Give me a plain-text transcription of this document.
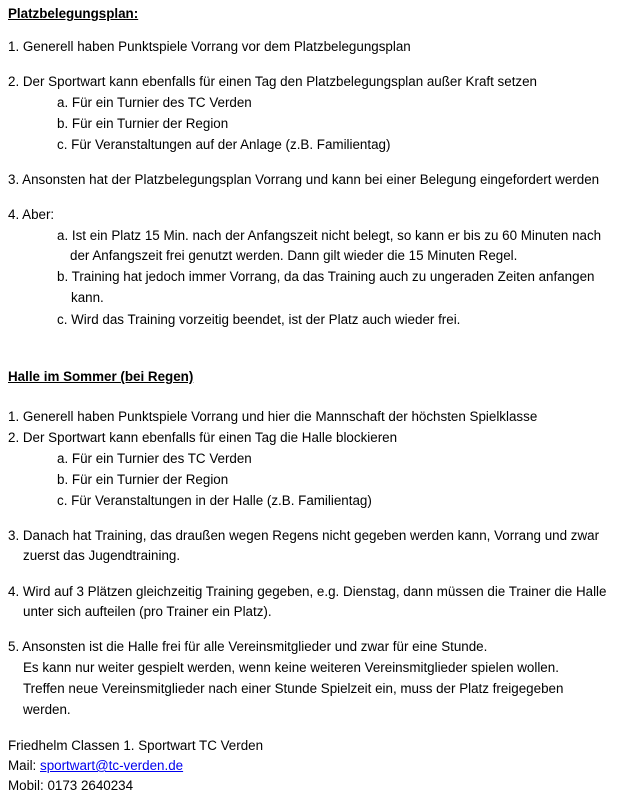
Platzbelegungsplan:
1. Generell haben Punktspiele Vorrang vor dem Platzbelegungsplan
2. Der Sportwart kann ebenfalls für einen Tag den Platzbelegungsplan außer Kraft setzen
a. Für ein Turnier des TC Verden
b. Für ein Turnier der Region
c. Für Veranstaltungen auf der Anlage (z.B. Familientag)
3. Ansonsten hat der Platzbelegungsplan Vorrang und kann bei einer Belegung eingefordert werden
4. Aber:
a. Ist ein Platz 15 Min. nach der Anfangszeit nicht belegt, so kann er bis zu 60 Minuten nach
der Anfangszeit frei genutzt werden. Dann gilt wieder die 15 Minuten Regel.
b. Training hat jedoch immer Vorrang, da das Training auch zu ungeraden Zeiten anfangen
kann.
c. Wird das Training vorzeitig beendet, ist der Platz auch wieder frei.
Halle im Sommer (bei Regen)
1. Generell haben Punktspiele Vorrang und hier die Mannschaft der höchsten Spielklasse
2. Der Sportwart kann ebenfalls für einen Tag die Halle blockieren
a. Für ein Turnier des TC Verden
b. Für ein Turnier der Region
c. Für Veranstaltungen in der Halle (z.B. Familientag)
3. Danach hat Training, das draußen wegen Regens nicht gegeben werden kann, Vorrang und zwar
zuerst das Jugendtraining.
4. Wird auf 3 Plätzen gleichzeitig Training gegeben, e.g. Dienstag, dann müssen die Trainer die Halle
unter sich aufteilen (pro Trainer ein Platz).
5. Ansonsten ist die Halle frei für alle Vereinsmitglieder und zwar für eine Stunde.
Es kann nur weiter gespielt werden, wenn keine weiteren Vereinsmitglieder spielen wollen.
Treffen neue Vereinsmitglieder nach einer Stunde Spielzeit ein, muss der Platz freigegeben
werden.
Friedhelm Classen 1. Sportwart TC Verden
Mail: sportwart@tc-verden.de
Mobil: 0173 2640234
